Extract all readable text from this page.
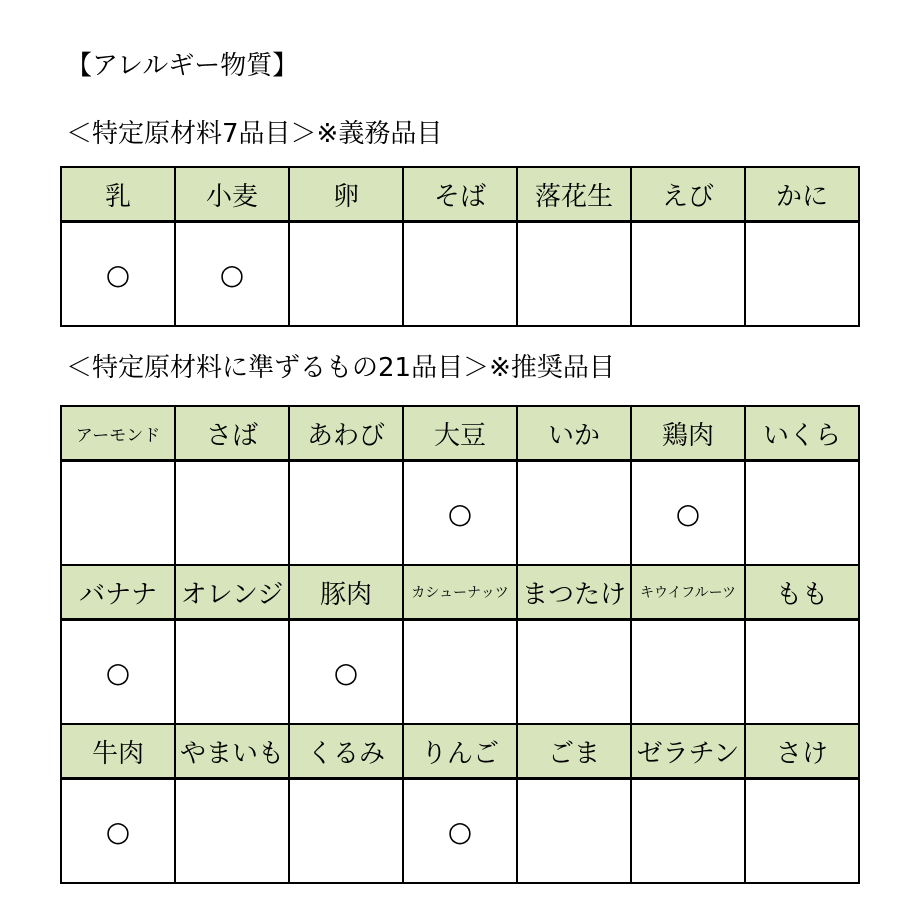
【アレルギー物質】
＜特定原材料7品目＞※義務品目
乳	小麦	卵	そば	落花生	えび	かに
○	○					
＜特定原材料に準ずるもの21品目＞※推奨品目
アーモンド	さば	あわび	大豆	いか	鶏肉	いくら
			○		○	
バナナ	オレンジ	豚肉	カシューナッツ	まつたけ	キウイフルーツ	もも
○		○				
牛肉	やまいも	くるみ	りんご	ごま	ゼラチン	さけ
○			○			
